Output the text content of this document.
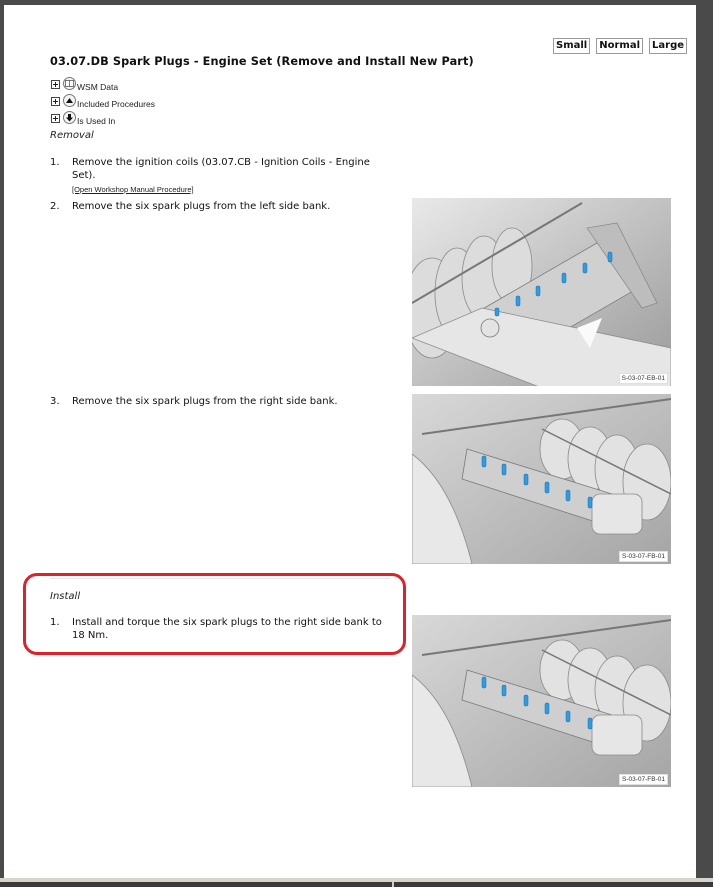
Small	Normal	Large
03.07.DB Spark Plugs - Engine Set (Remove and Install New Part)
WSM Data
Included Procedures
Is Used In
Removal
1. Remove the ignition coils (03.07.CB - Ignition Coils - Engine
Set).
[Open Workshop Manual Procedure]
2. Remove the six spark plugs from the left side bank.
3. Remove the six spark plugs from the right side bank.
S-03-07-EB-01
S-03-07-FB-01
Install
1. Install and torque the six spark plugs to the right side bank to
18 Nm.
S-03-07-FB-01
